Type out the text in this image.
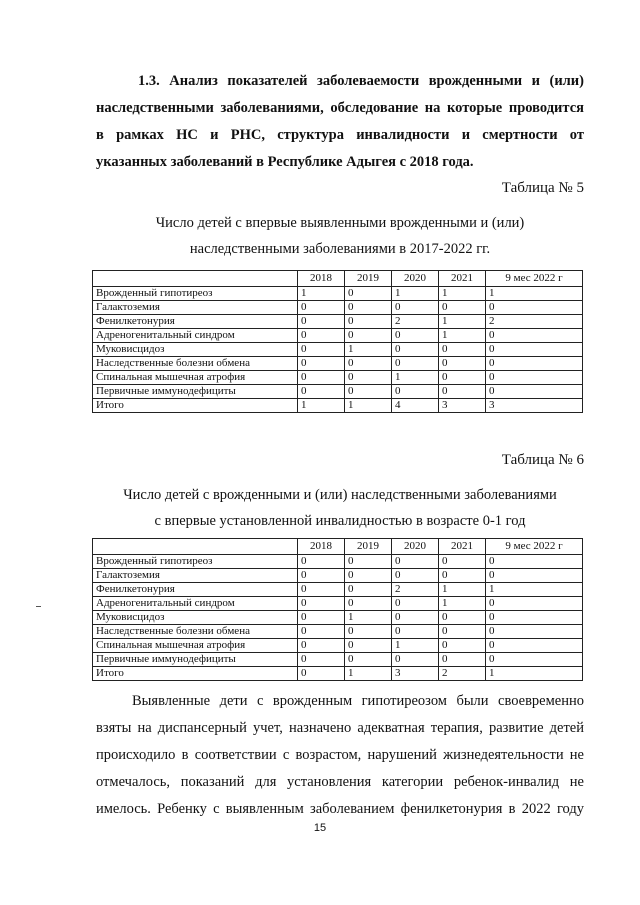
1.3. Анализ показателей заболеваемости врожденными и (или)

наследственными заболеваниями, обследование на которые проводится

в рамках НС и РНС, структура инвалидности и смертности от

указанных заболеваний в Республике Адыгея с 2018 года.

Таблица № 5
Число детей с впервые выявленными врожденными и (или)
наследственными заболеваниями в 2017-2022 гг.
	2018	2019	2020	2021	9 мес 2022 г
Врожденный гипотиреоз	1	0	1	1	1
Галактоземия	0	0	0	0	0
Фенилкетонурия	0	0	2	1	2
Адреногенитальный синдром	0	0	0	1	0
Муковисцидоз	0	1	0	0	0
Наследственные болезни обмена	0	0	0	0	0
Спинальная мышечная атрофия	0	0	1	0	0
Первичные иммунодефициты	0	0	0	0	0
Итого	1	1	4	3	3
Таблица № 6
Число детей с врожденными и (или) наследственными заболеваниями
с впервые установленной инвалидностью в возрасте 0-1 год
	2018	2019	2020	2021	9 мес 2022 г
Врожденный гипотиреоз	0	0	0	0	0
Галактоземия	0	0	0	0	0
Фенилкетонурия	0	0	2	1	1
Адреногенитальный синдром	0	0	0	1	0
Муковисцидоз	0	1	0	0	0
Наследственные болезни обмена	0	0	0	0	0
Спинальная мышечная атрофия	0	0	1	0	0
Первичные иммунодефициты	0	0	0	0	0
Итого	0	1	3	2	1

Выявленные дети с врожденным гипотиреозом были своевременно

взяты на диспансерный учет, назначено адекватная терапия, развитие детей

происходило в соответствии с возрастом, нарушений жизнедеятельности не

отмечалось, показаний для установления категории ребенок-инвалид не

имелось. Ребенку с выявленным заболеванием фенилкетонурия в 2022 году

15
